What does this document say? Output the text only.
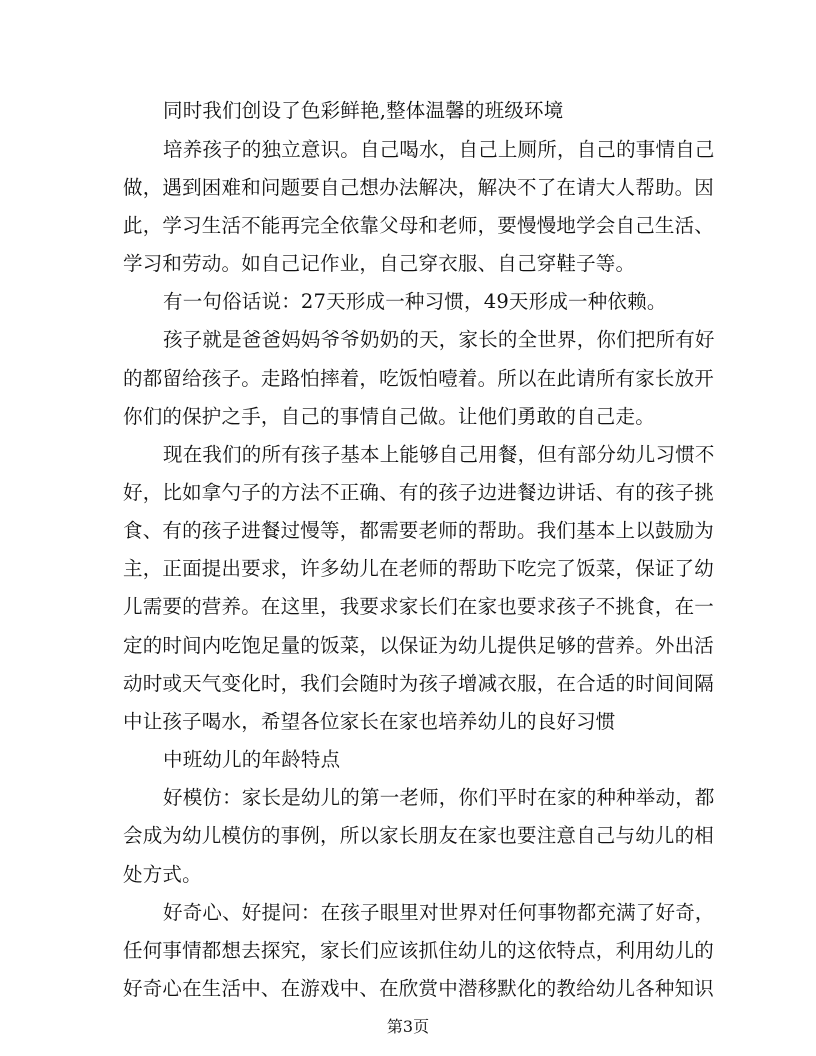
同时我们创设了色彩鲜艳,整体温馨的班级环境
培养孩子的独立意识。自己喝水，自己上厕所，自己的事情自己
做，遇到困难和问题要自己想办法解决，解决不了在请大人帮助。因
此，学习生活不能再完全依靠父母和老师，要慢慢地学会自己生活、
学习和劳动。如自己记作业，自己穿衣服、自己穿鞋子等。
有一句俗话说：27天形成一种习惯，49天形成一种依赖。
孩子就是爸爸妈妈爷爷奶奶的天，家长的全世界，你们把所有好
的都留给孩子。走路怕摔着，吃饭怕噎着。所以在此请所有家长放开
你们的保护之手，自己的事情自己做。让他们勇敢的自己走。
现在我们的所有孩子基本上能够自己用餐，但有部分幼儿习惯不
好，比如拿勺子的方法不正确、有的孩子边进餐边讲话、有的孩子挑
食、有的孩子进餐过慢等，都需要老师的帮助。我们基本上以鼓励为
主，正面提出要求，许多幼儿在老师的帮助下吃完了饭菜，保证了幼
儿需要的营养。在这里，我要求家长们在家也要求孩子不挑食，在一
定的时间内吃饱足量的饭菜，以保证为幼儿提供足够的营养。外出活
动时或天气变化时，我们会随时为孩子增减衣服，在合适的时间间隔
中让孩子喝水，希望各位家长在家也培养幼儿的良好习惯
中班幼儿的年龄特点
好模仿：家长是幼儿的第一老师，你们平时在家的种种举动，都
会成为幼儿模仿的事例，所以家长朋友在家也要注意自己与幼儿的相
处方式。
好奇心、好提问：在孩子眼里对世界对任何事物都充满了好奇，
任何事情都想去探究，家长们应该抓住幼儿的这依特点，利用幼儿的
好奇心在生活中、在游戏中、在欣赏中潜移默化的教给幼儿各种知识
第3页
